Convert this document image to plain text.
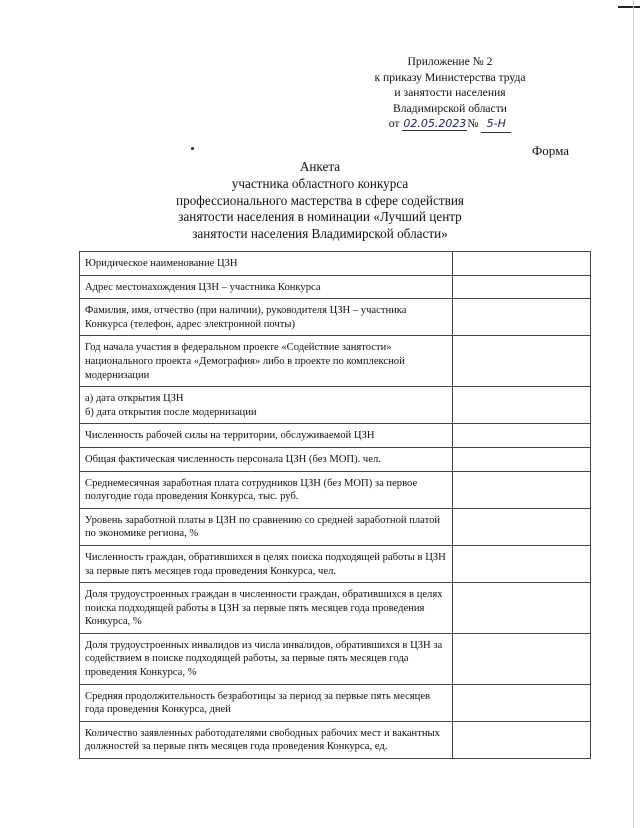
Приложение № 2
к приказу Министерства труда
и занятости населения
Владимирской области
от 02.05.2023№ 5-Н
Форма
Анкета
участника областного конкурса
профессионального мастерства в сфере содействия
занятости населения в номинации «Лучший центр
занятости населения Владимирской области»
Юридическое наименование ЦЗН	
Адрес местонахождения ЦЗН – участника Конкурса	
Фамилия, имя, отчество (при наличии), руководителя ЦЗН – участника Конкурса (телефон, адрес электронной почты)	
Год начала участия в федеральном проекте «Содействие занятости» национального проекта «Демография» либо в проекте по комплексной модернизации	
а) дата открытия ЦЗН
б) дата открытия после модернизации	
Численность рабочей силы на территории, обслуживаемой ЦЗН	
Общая фактическая численность персонала ЦЗН (без МОП). чел.	
Среднемесячная заработная плата сотрудников ЦЗН (без МОП) за первое полугодие года проведения Конкурса, тыс. руб.	
Уровень заработной платы в ЦЗН по сравнению со средней заработной платой по экономике региона, %	
Численность граждан, обратившихся в целях поиска подходящей работы в ЦЗН за первые пять месяцев года проведения Конкурса, чел.	
Доля трудоустроенных граждан в численности граждан, обратившихся в целях поиска подходящей работы в ЦЗН за первые пять месяцев года проведения Конкурса, %	
Доля трудоустроенных инвалидов из числа инвалидов, обратившихся в ЦЗН за содействием в поиске подходящей работы, за первые пять месяцев года проведения Конкурса, %	
Средняя продолжительность безработицы за период за первые пять месяцев года проведения Конкурса, дней	
Количество заявленных работодателями свободных рабочих мест и вакантных должностей за первые пять месяцев года проведения Конкурса, ед.	
